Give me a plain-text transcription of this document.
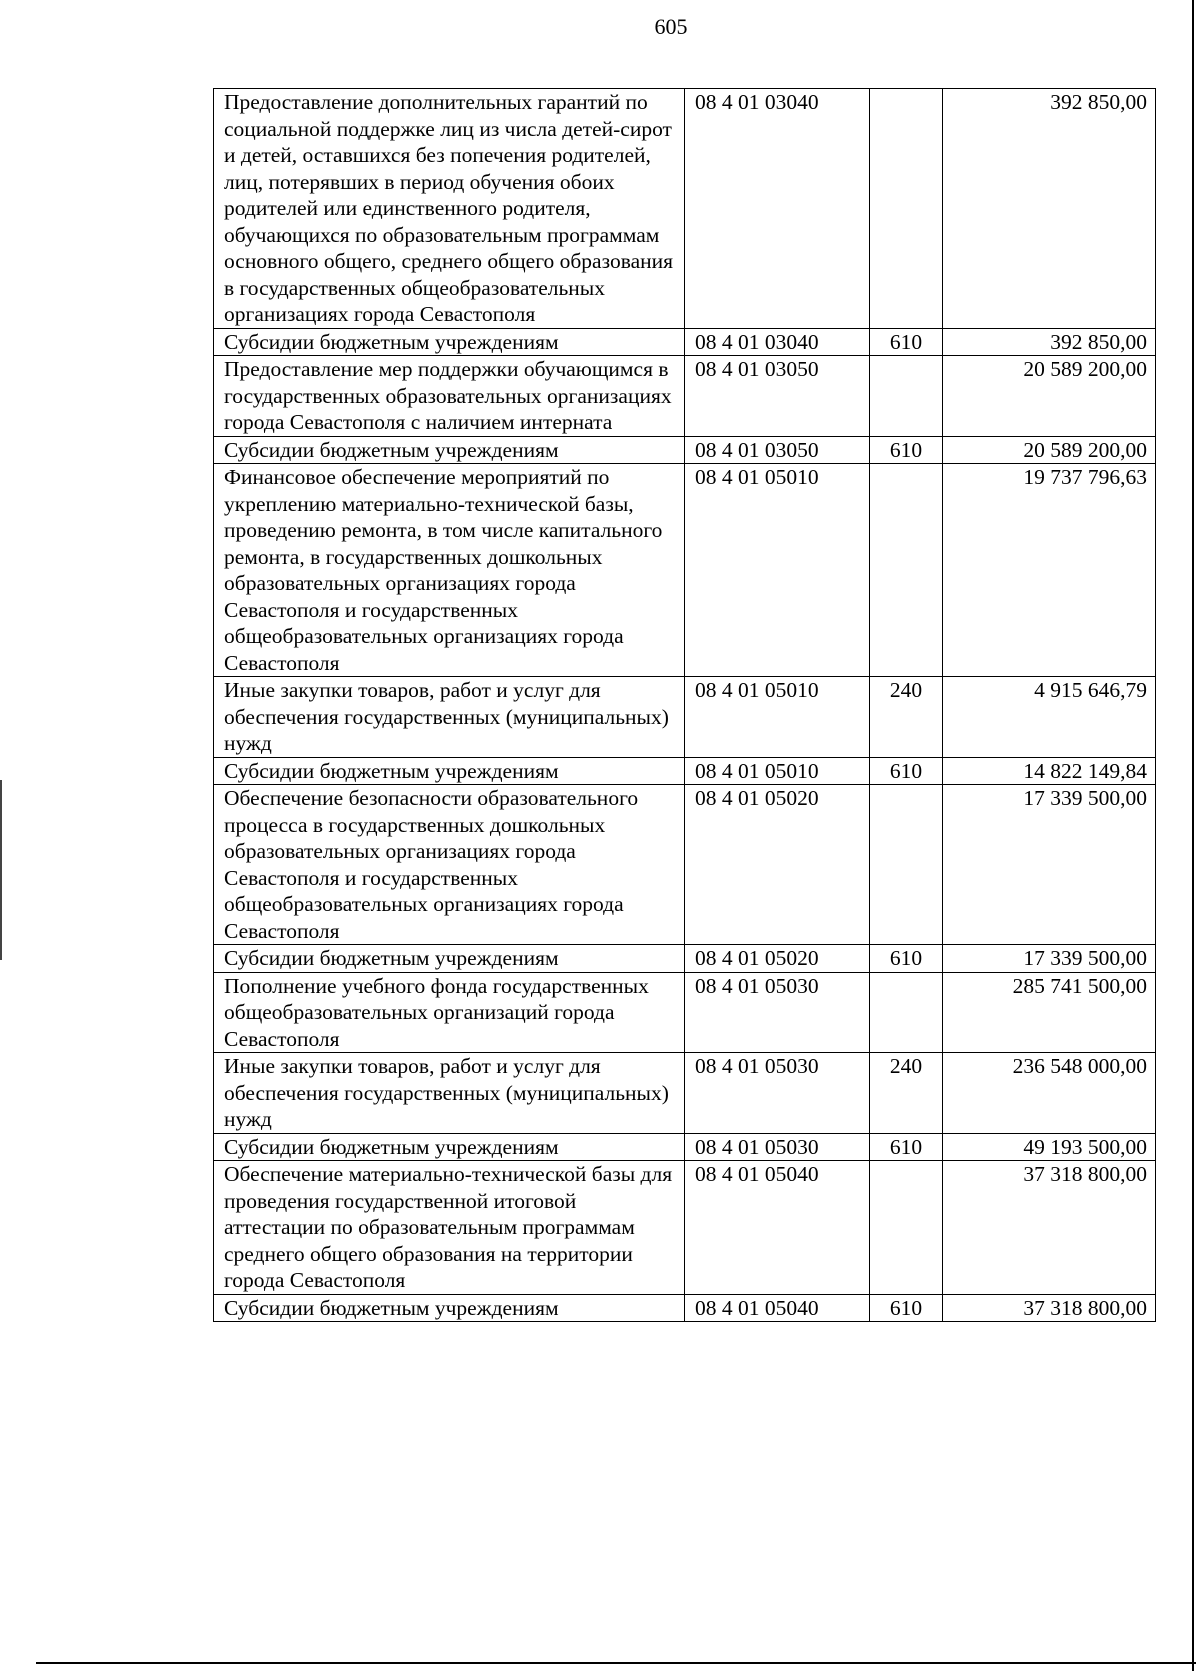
605
Предоставление дополнительных гарантий по социальной поддержке лиц из числа детей-сирот и детей, оставшихся без попечения родителей, лиц, потерявших в период обучения обоих родителей или единственного родителя, обучающихся по образовательным программам основного общего, среднего общего образования в государственных общеобразовательных организациях города Севастополя	08 4 01 03040		392 850,00
Субсидии бюджетным учреждениям	08 4 01 03040	610	392 850,00
Предоставление мер поддержки обучающимся в государственных образовательных организациях города Севастополя с наличием интерната	08 4 01 03050		20 589 200,00
Субсидии бюджетным учреждениям	08 4 01 03050	610	20 589 200,00
Финансовое обеспечение мероприятий по укреплению материально-технической базы, проведению ремонта, в том числе капитального ремонта, в государственных дошкольных образовательных организациях города Севастополя и государственных общеобразовательных организациях города Севастополя	08 4 01 05010		19 737 796,63
Иные закупки товаров, работ и услуг для обеспечения государственных (муниципальных) нужд	08 4 01 05010	240	4 915 646,79
Субсидии бюджетным учреждениям	08 4 01 05010	610	14 822 149,84
Обеспечение безопасности образовательного процесса в государственных дошкольных образовательных организациях города Севастополя и государственных общеобразовательных организациях города Севастополя	08 4 01 05020		17 339 500,00
Субсидии бюджетным учреждениям	08 4 01 05020	610	17 339 500,00
Пополнение учебного фонда государственных общеобразовательных организаций города Севастополя	08 4 01 05030		285 741 500,00
Иные закупки товаров, работ и услуг для обеспечения государственных (муниципальных) нужд	08 4 01 05030	240	236 548 000,00
Субсидии бюджетным учреждениям	08 4 01 05030	610	49 193 500,00
Обеспечение материально-технической базы для проведения государственной итоговой аттестации по образовательным программам среднего общего образования на территории города Севастополя	08 4 01 05040		37 318 800,00
Субсидии бюджетным учреждениям	08 4 01 05040	610	37 318 800,00
